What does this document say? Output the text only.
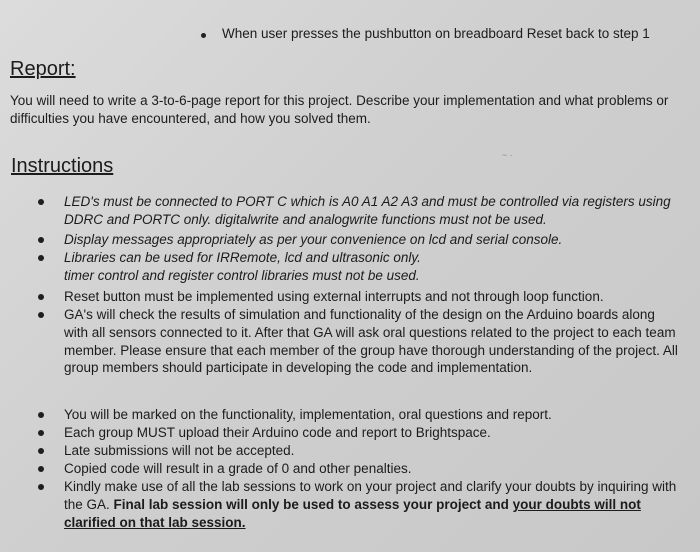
When user presses the pushbutton on breadboard Reset back to step 1
Report:
You will need to write a 3-to-6-page report for this project. Describe your implementation and what problems or difficulties you have encountered, and how you solved them.
Instructions	~ ·
LED's must be connected to PORT C which is A0 A1 A2 A3 and must be controlled via registers using DDRC and PORTC only. digitalwrite and analogwrite functions must not be used.
Display messages appropriately as per your convenience on lcd and serial console.
Libraries can be used for IRRemote, lcd and ultrasonic only.
timer control and register control libraries must not be used.
Reset button must be implemented using external interrupts and not through loop function.
GA's will check the results of simulation and functionality of the design on the Arduino boards along with all sensors connected to it. After that GA will ask oral questions related to the project to each team member. Please ensure that each member of the group have thorough understanding of the project. All group members should participate in developing the code and implementation.
You will be marked on the functionality, implementation, oral questions and report.
Each group MUST upload their Arduino code and report to Brightspace.
Late submissions will not be accepted.
Copied code will result in a grade of 0 and other penalties.
Kindly make use of all the lab sessions to work on your project and clarify your doubts by inquiring with the GA. Final lab session will only be used to assess your project and your doubts will not clarified on that lab session.
